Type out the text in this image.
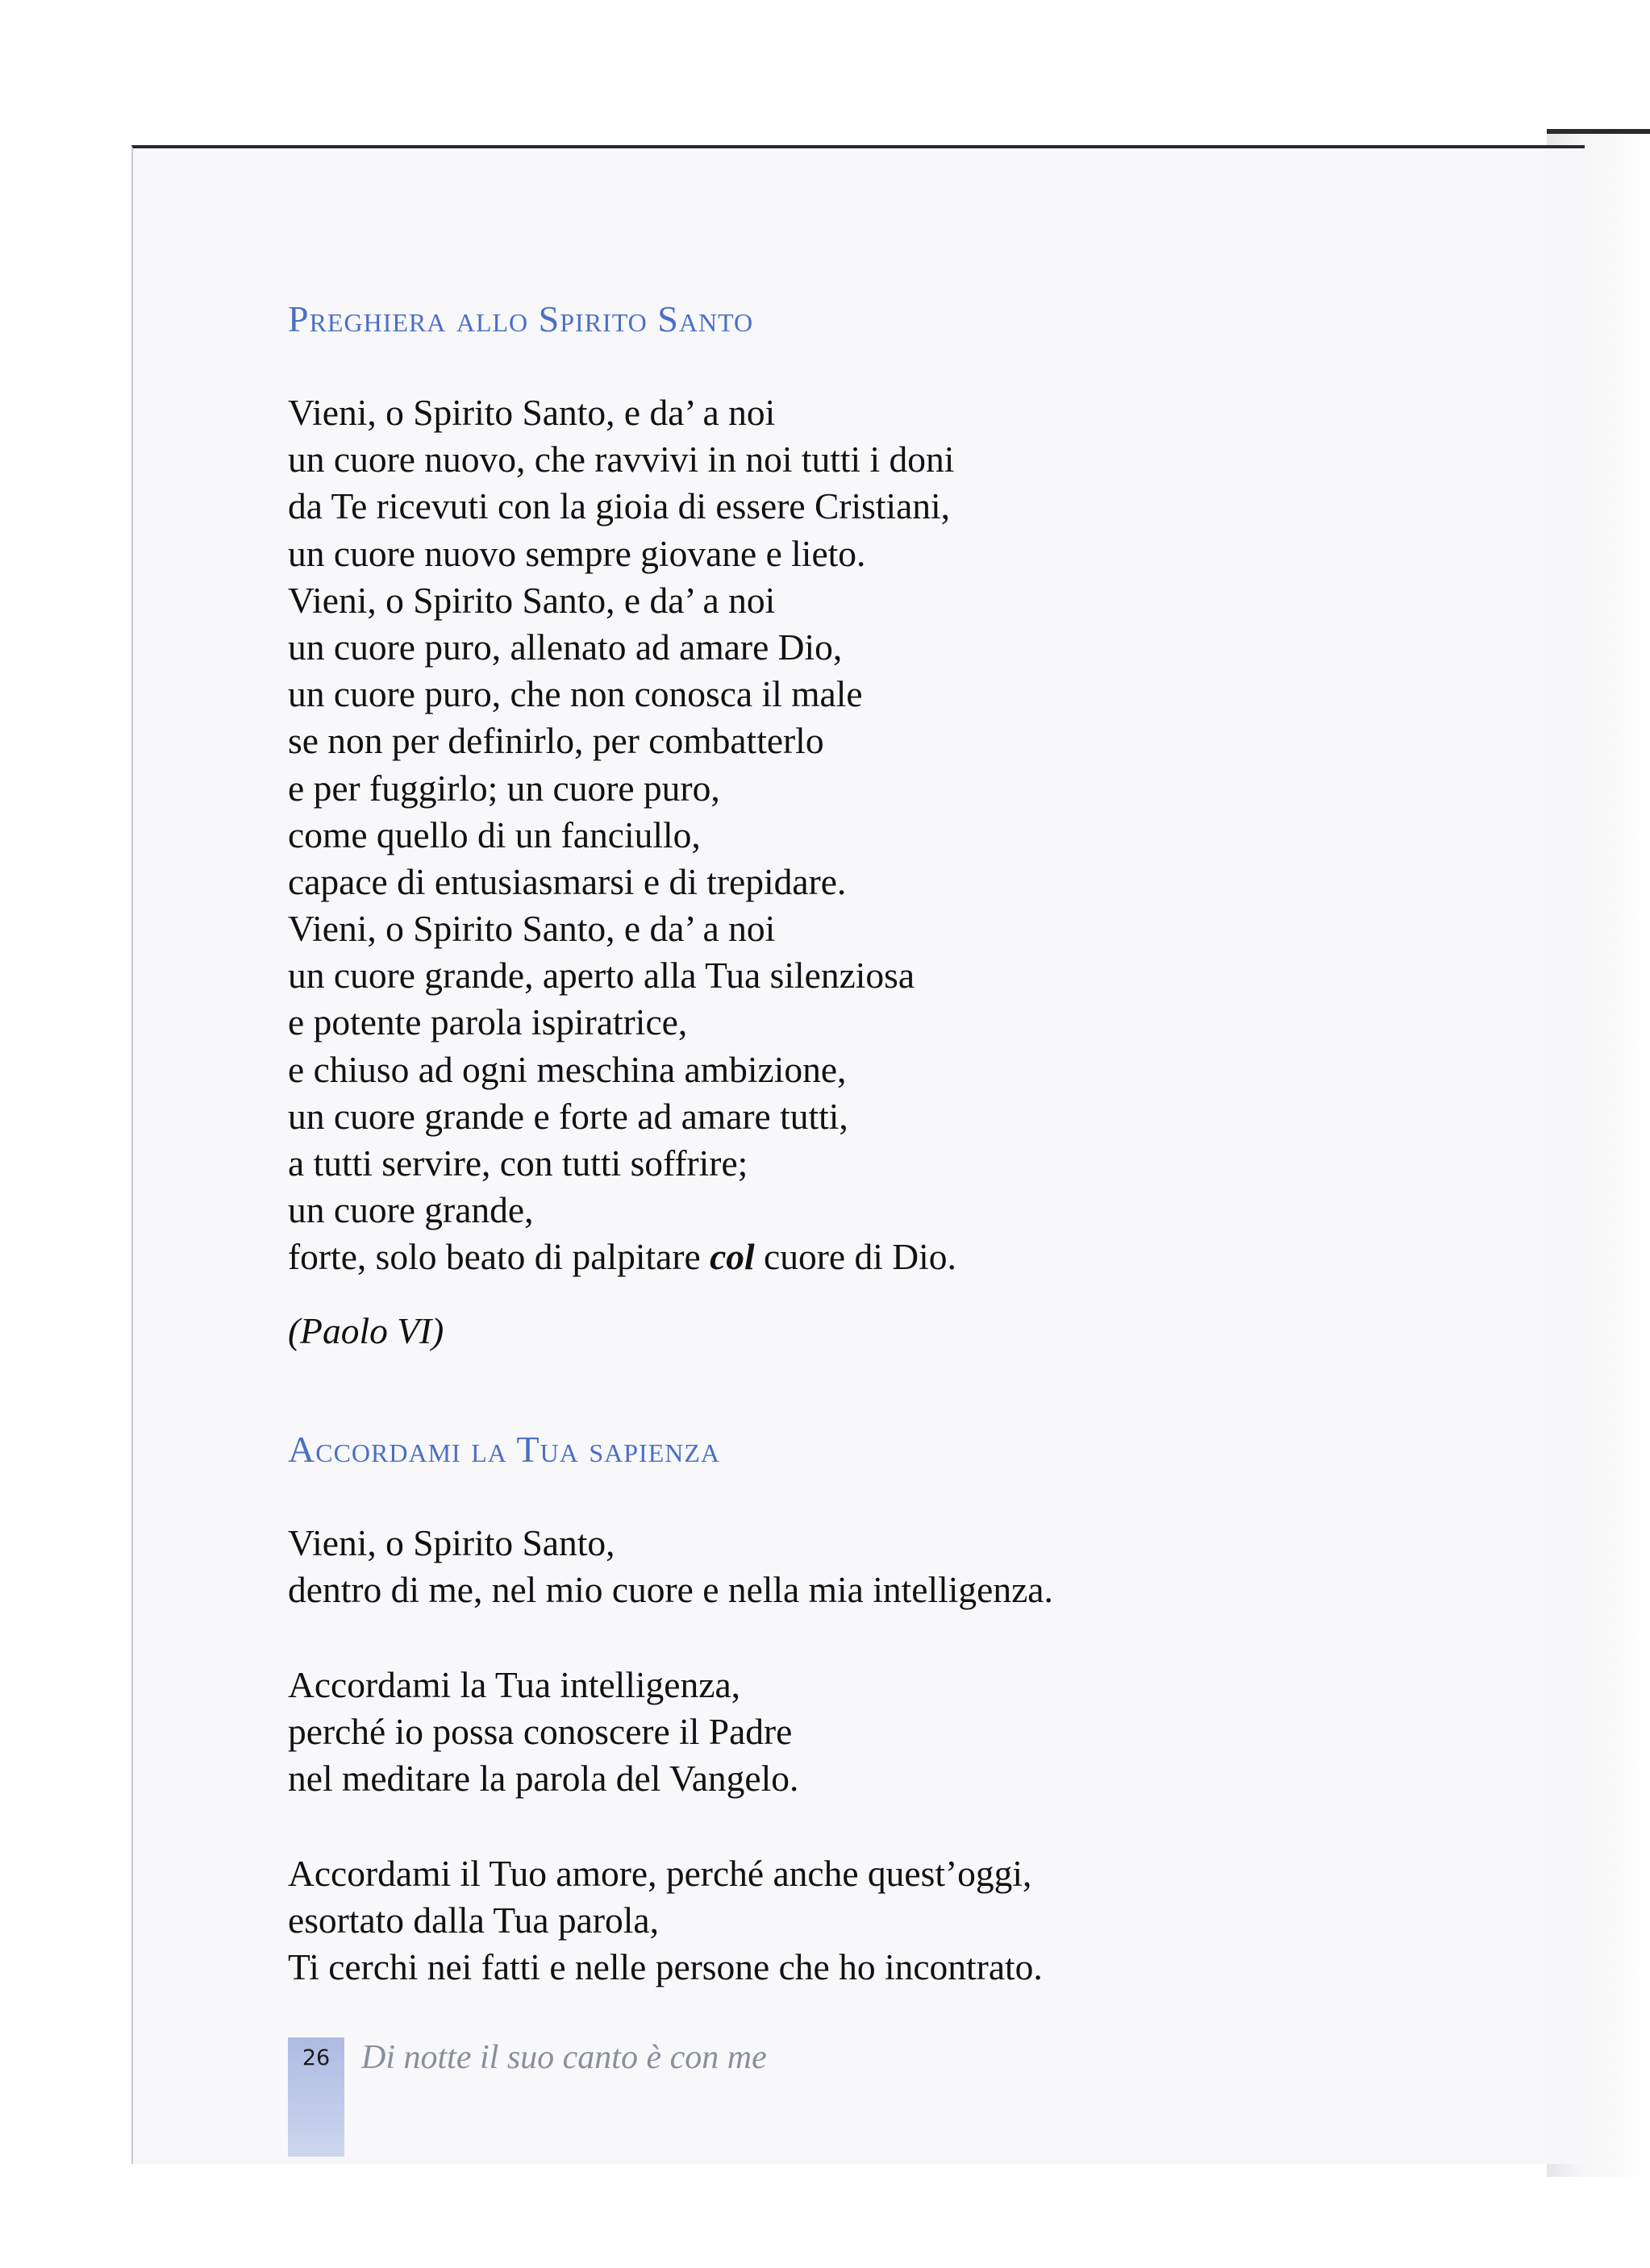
Preghiera allo Spirito Santo
Vieni, o Spirito Santo, e da’ a noi
un cuore nuovo, che ravvivi in noi tutti i doni
da Te ricevuti con la gioia di essere Cristiani,
un cuore nuovo sempre giovane e lieto.
Vieni, o Spirito Santo, e da’ a noi
un cuore puro, allenato ad amare Dio,
un cuore puro, che non conosca il male
se non per definirlo, per combatterlo
e per fuggirlo; un cuore puro,
come quello di un fanciullo,
capace di entusiasmarsi e di trepidare.
Vieni, o Spirito Santo, e da’ a noi
un cuore grande, aperto alla Tua silenziosa
e potente parola ispiratrice,
e chiuso ad ogni meschina ambizione,
un cuore grande e forte ad amare tutti,
a tutti servire, con tutti soffrire;
un cuore grande,
forte, solo beato di palpitare col cuore di Dio.
(Paolo VI)
Accordami la Tua sapienza
Vieni, o Spirito Santo,
dentro di me, nel mio cuore e nella mia intelligenza.
Accordami la Tua intelligenza,
perché io possa conoscere il Padre
nel meditare la parola del Vangelo.
Accordami il Tuo amore, perché anche quest’oggi,
esortato dalla Tua parola,
Ti cerchi nei fatti e nelle persone che ho incontrato.
26 Di notte il suo canto è con me
